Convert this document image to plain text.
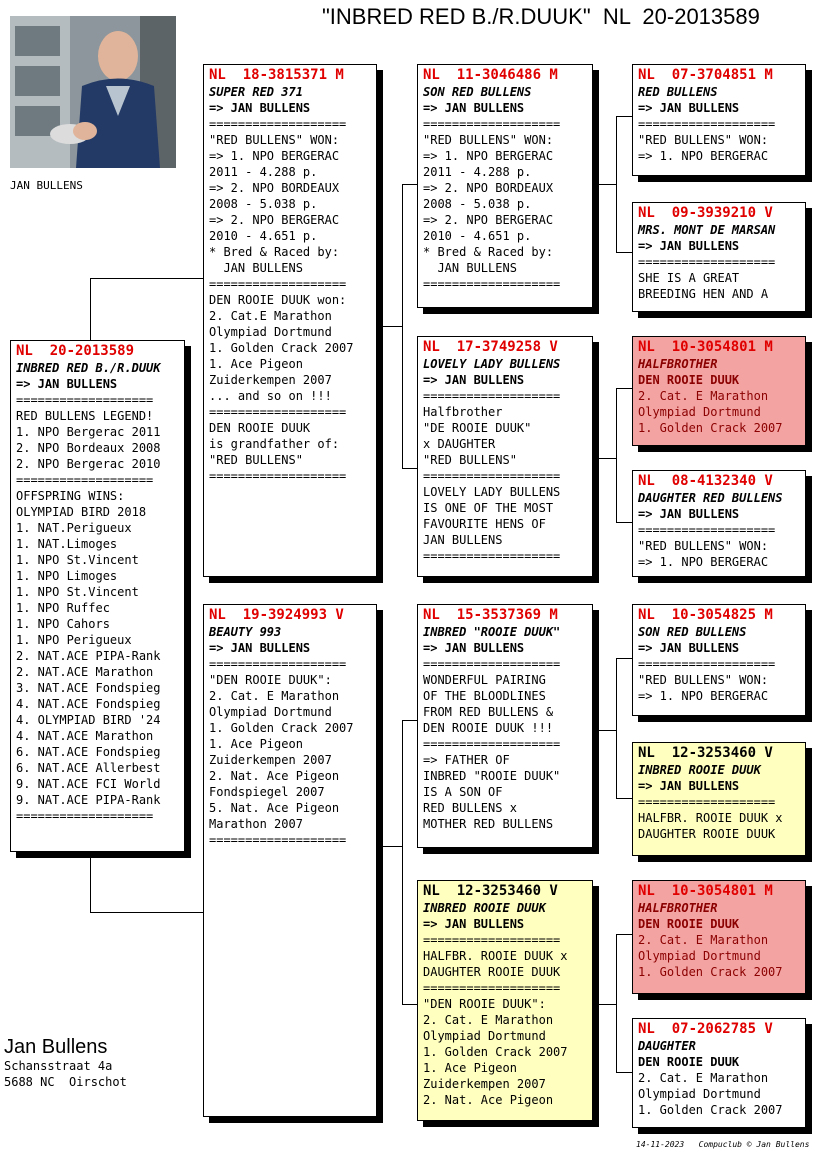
"INBRED RED B./R.DUUK"  NL  20-2013589
JAN BULLENS
NL  20-2013589
INBRED RED B./R.DUUK
=> JAN BULLENS
===================
RED BULLENS LEGEND!
1. NPO Bergerac 2011
2. NPO Bordeaux 2008
2. NPO Bergerac 2010
===================
OFFSPRING WINS:
OLYMPIAD BIRD 2018
1. NAT.Perigueux
1. NAT.Limoges
1. NPO St.Vincent
1. NPO Limoges
1. NPO St.Vincent
1. NPO Ruffec
1. NPO Cahors
1. NPO Perigueux
2. NAT.ACE PIPA-Rank
2. NAT.ACE Marathon
3. NAT.ACE Fondspieg
4. NAT.ACE Fondspieg
4. OLYMPIAD BIRD '24
4. NAT.ACE Marathon
6. NAT.ACE Fondspieg
6. NAT.ACE Allerbest
9. NAT.ACE FCI World
9. NAT.ACE PIPA-Rank
===================
NL  18-3815371 M
SUPER RED 371
=> JAN BULLENS
===================
"RED BULLENS" WON:
=> 1. NPO BERGERAC
2011 - 4.288 p.
=> 2. NPO BORDEAUX
2008 - 5.038 p.
=> 2. NPO BERGERAC
2010 - 4.651 p.
* Bred & Raced by:
JAN BULLENS
===================
DEN ROOIE DUUK won:
2. Cat.E Marathon
Olympiad Dortmund
1. Golden Crack 2007
1. Ace Pigeon
Zuiderkempen 2007
... and so on !!!
===================
DEN ROOIE DUUK
is grandfather of:
"RED BULLENS"
===================
NL  19-3924993 V
BEAUTY 993
=> JAN BULLENS
===================
"DEN ROOIE DUUK":
2. Cat. E Marathon
Olympiad Dortmund
1. Golden Crack 2007
1. Ace Pigeon
Zuiderkempen 2007
2. Nat. Ace Pigeon
Fondspiegel 2007
5. Nat. Ace Pigeon
Marathon 2007
===================
NL  11-3046486 M
SON RED BULLENS
=> JAN BULLENS
===================
"RED BULLENS" WON:
=> 1. NPO BERGERAC
2011 - 4.288 p.
=> 2. NPO BORDEAUX
2008 - 5.038 p.
=> 2. NPO BERGERAC
2010 - 4.651 p.
* Bred & Raced by:
JAN BULLENS
===================
NL  17-3749258 V
LOVELY LADY BULLENS
=> JAN BULLENS
===================
Halfbrother
"DE ROOIE DUUK"
x DAUGHTER
"RED BULLENS"
===================
LOVELY LADY BULLENS
IS ONE OF THE MOST
FAVOURITE HENS OF
JAN BULLENS
===================
NL  15-3537369 M
INBRED "ROOIE DUUK"
=> JAN BULLENS
===================
WONDERFUL PAIRING
OF THE BLOODLINES
FROM RED BULLENS &
DEN ROOIE DUUK !!!
===================
=> FATHER OF
INBRED "ROOIE DUUK"
IS A SON OF
RED BULLENS x
MOTHER RED BULLENS
NL  12-3253460 V
INBRED ROOIE DUUK
=> JAN BULLENS
===================
HALFBR. ROOIE DUUK x
DAUGHTER ROOIE DUUK
===================
"DEN ROOIE DUUK":
2. Cat. E Marathon
Olympiad Dortmund
1. Golden Crack 2007
1. Ace Pigeon
Zuiderkempen 2007
2. Nat. Ace Pigeon
NL  07-3704851 M
RED BULLENS
=> JAN BULLENS
===================
"RED BULLENS" WON:
=> 1. NPO BERGERAC
NL  09-3939210 V
MRS. MONT DE MARSAN
=> JAN BULLENS
===================
SHE IS A GREAT
BREEDING HEN AND A
NL  10-3054801 M
HALFBROTHER
DEN ROOIE DUUK
2. Cat. E Marathon
Olympiad Dortmund
1. Golden Crack 2007
NL  08-4132340 V
DAUGHTER RED BULLENS
=> JAN BULLENS
===================
"RED BULLENS" WON:
=> 1. NPO BERGERAC
NL  10-3054825 M
SON RED BULLENS
=> JAN BULLENS
===================
"RED BULLENS" WON:
=> 1. NPO BERGERAC
NL  12-3253460 V
INBRED ROOIE DUUK
=> JAN BULLENS
===================
HALFBR. ROOIE DUUK x
DAUGHTER ROOIE DUUK
NL  10-3054801 M
HALFBROTHER
DEN ROOIE DUUK
2. Cat. E Marathon
Olympiad Dortmund
1. Golden Crack 2007
NL  07-2062785 V
DAUGHTER
DEN ROOIE DUUK
2. Cat. E Marathon
Olympiad Dortmund
1. Golden Crack 2007
Jan Bullens
Schansstraat 4a
5688 NC  Oirschot
14-11-2023 Compuclub © Jan Bullens
